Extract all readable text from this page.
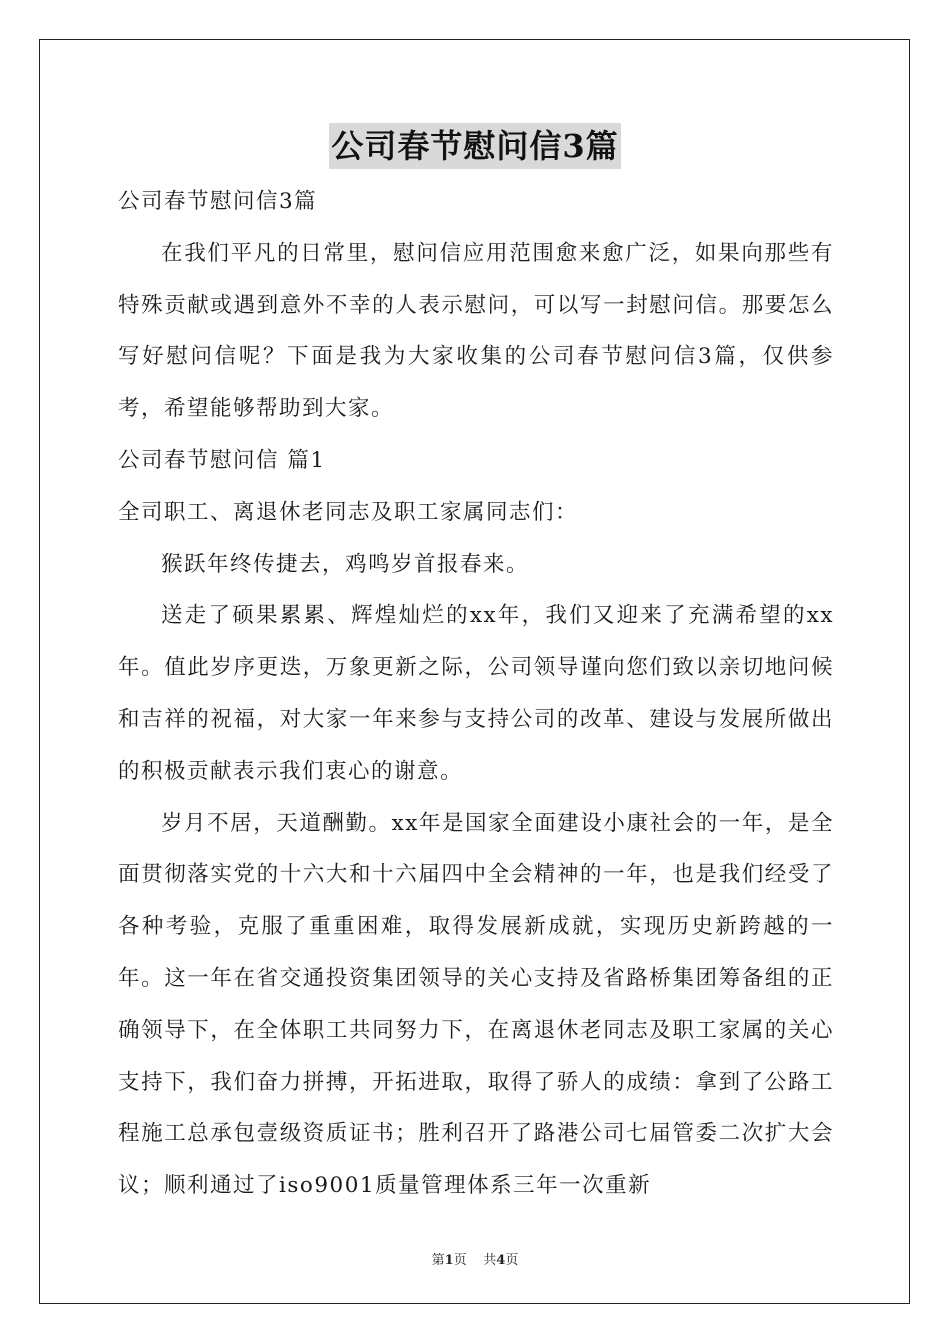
公司春节慰问信3篇

公司春节慰问信3篇

在我们平凡的日常里，慰问信应用范围愈来愈广泛，如果向那些有特殊贡献或遇到意外不幸的人表示慰问，可以写一封慰问信。那要怎么写好慰问信呢？下面是我为大家收集的公司春节慰问信3篇，仅供参考，希望能够帮助到大家。

公司春节慰问信 篇1

全司职工、离退休老同志及职工家属同志们：

猴跃年终传捷去，鸡鸣岁首报春来。

送走了硕果累累、辉煌灿烂的xx年，我们又迎来了充满希望的xx年。值此岁序更迭，万象更新之际，公司领导谨向您们致以亲切地问候和吉祥的祝福，对大家一年来参与支持公司的改革、建设与发展所做出的积极贡献表示我们衷心的谢意。

岁月不居，天道酬勤。xx年是国家全面建设小康社会的一年，是全面贯彻落实党的十六大和十六届四中全会精神的一年，也是我们经受了各种考验，克服了重重困难，取得发展新成就，实现历史新跨越的一年。这一年在省交通投资集团领导的关心支持及省路桥集团筹备组的正确领导下，在全体职工共同努力下，在离退休老同志及职工家属的关心支持下，我们奋力拼搏，开拓进取，取得了骄人的成绩：拿到了公路工程施工总承包壹级资质证书；胜利召开了路港公司七届管委二次扩大会议；顺利通过了iso9001质量管理体系三年一次重新

第1页 共4页
